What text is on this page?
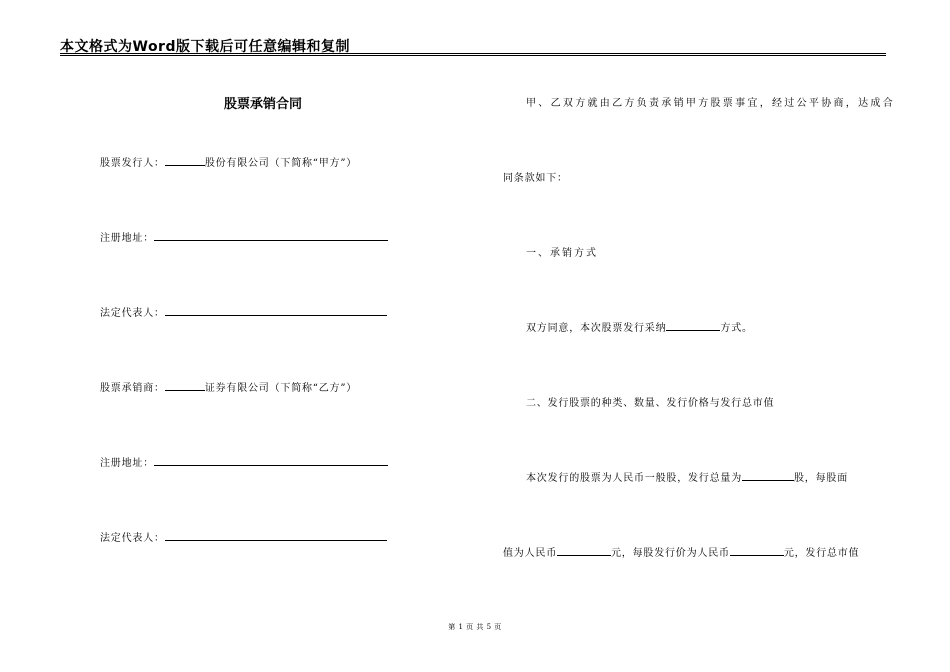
本文格式为Word版下载后可任意编辑和复制
股票承销合同
股票发行人：	股份有限公司（下简称“甲方”）
注册地址：
法定代表人：
股票承销商：	证券有限公司（下简称“乙方”）
注册地址：
法定代表人：
甲、乙双方就由乙方负责承销甲方股票事宜，经过公平协商，达成合
同条款如下：
一、承销方式
双方同意，本次股票发行采纳	方式。
二、发行股票的种类、数量、发行价格与发行总市值
本次发行的股票为人民币一般股，发行总量为	股，每股面
值为人民币	元，每股发行价为人民币	元，发行总市值
第 1 页 共 5 页
